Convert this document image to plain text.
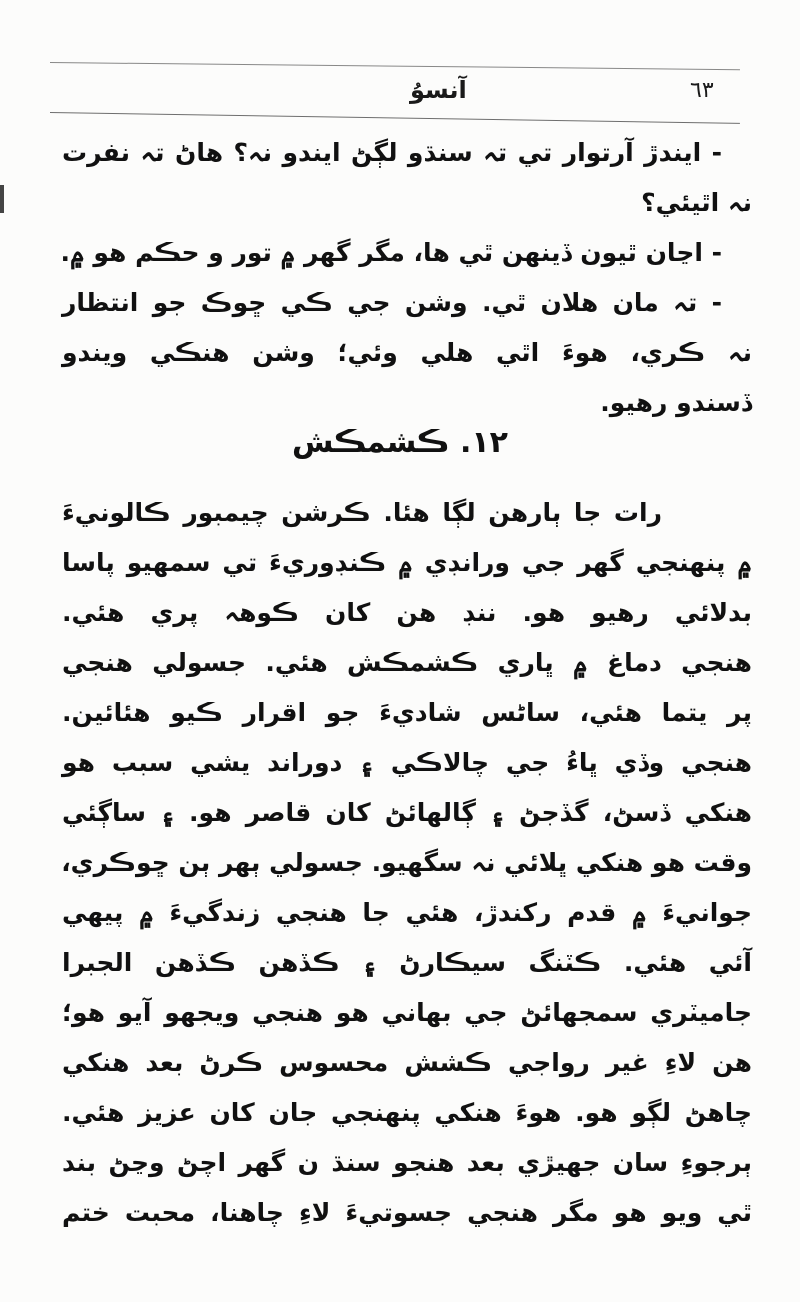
آنسوُ	٦٣
- ايندڙ آرتوار تي تہ سنڌو لڳڻ ايندو نہ؟ هاڻ تہ نفرت
نہ اٿيئي؟
- اڃان ٿيون ڏينهن ٿي ها، مگر گهر ۾ تور و حڪم هو ۾.
- تہ مان هلان ٿي. وشن جي ڪي ڇوڪ جو انتظار
نہ ڪري، هوءَ اٿي هلي وئي؛ وشن هنڪي ويندو
ڏسندو رهيو.
١٢. ڪشمڪش
رات جا ٻارهن لڳا هئا. ڪرشن چيمبور ڪالونيءَ
۾ پنهنجي گهر جي ورانڊي ۾ ڪنڊوريءَ تي سمهيو پاسا
بدلائي رهيو هو. ننڊ هن کان ڪوهہ پري هئي.
هنجي دماغ ۾ ڀاري ڪشمڪش هئي. جسولي هنجي
پر يتما هئي، ساڻس شاديءَ جو اقرار ڪيو هئائين.
هنجي وڏي ڀاءُ جي چالاڪي ۽ دوراند يشي سبب هو
هنکي ڏسڻ، گڏجڻ ۽ ڳالهائڻ کان قاصر هو. ۽ ساڳئي
وقت هو هنکي ڀلائي نہ سگهيو. جسولي ٻهر ٻن ڇوڪري،
جوانيءَ ۾ قدم رکندڙ، هئي جا هنجي زندگيءَ ۾ پيهي
آئي هئي. ڪٽنگ سيڪارڻ ۽ ڪڏهن ڪڏهن الجبرا
جاميٽري سمجهائڻ جي بهاني هو هنجي ويجهو آيو هو؛
هن لاءِ غير رواجي ڪشش محسوس ڪرڻ بعد هنکي
چاهڻ لڳو هو. هوءَ هنکي پنهنجي جان کان عزيز هئي.
ٻرجوءِ سان جهيڙي بعد هنجو سنڌ ن گهر اچڻ وڃڻ بند
ٿي ويو هو مگر هنجي جسوتيءَ لاءِ چاهنا، محبت ختم
